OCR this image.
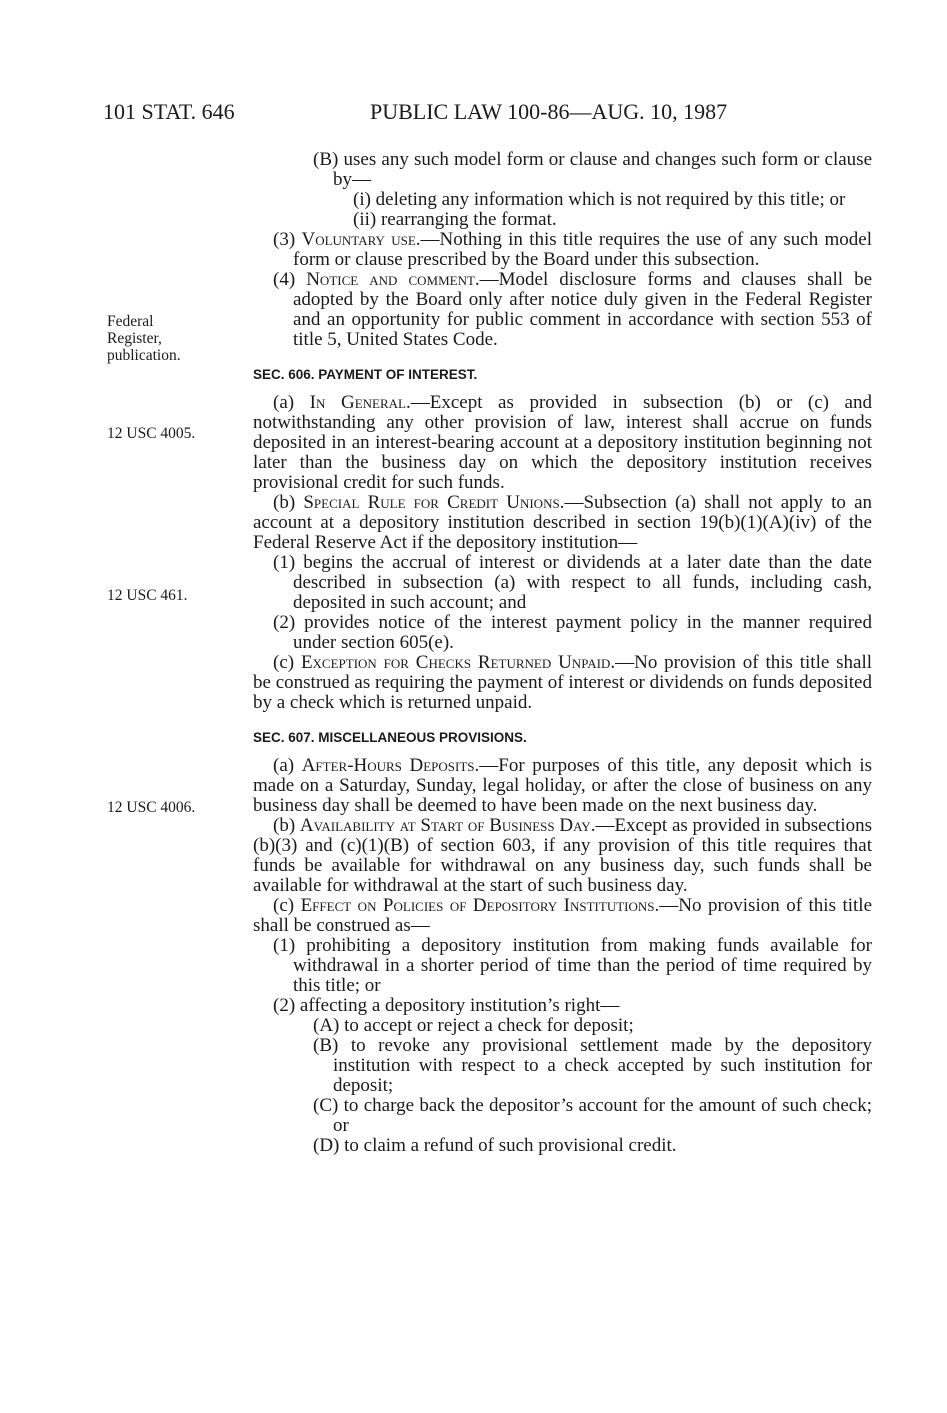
101 STAT. 646	PUBLIC LAW 100-86—AUG. 10, 1987
Federal
Register,
publication.
12 USC 4005.
12 USC 461.
12 USC 4006.

(B) uses any such model form or clause and changes such form or clause by—

(i) deleting any information which is not required by this title; or

(ii) rearranging the format.

(3) Voluntary use.—Nothing in this title requires the use of any such model form or clause prescribed by the Board under this subsection.

(4) Notice and comment.—Model disclosure forms and clauses shall be adopted by the Board only after notice duly given in the Federal Register and an opportunity for public comment in accordance with section 553 of title 5, United States Code.

SEC. 606. PAYMENT OF INTEREST.

(a) In General.—Except as provided in subsection (b) or (c) and notwithstanding any other provision of law, interest shall accrue on funds deposited in an interest-bearing account at a depository institution beginning not later than the business day on which the depository institution receives provisional credit for such funds.

(b) Special Rule for Credit Unions.—Subsection (a) shall not apply to an account at a depository institution described in section 19(b)(1)(A)(iv) of the Federal Reserve Act if the depository institution—

(1) begins the accrual of interest or dividends at a later date than the date described in subsection (a) with respect to all funds, including cash, deposited in such account; and

(2) provides notice of the interest payment policy in the manner required under section 605(e).

(c) Exception for Checks Returned Unpaid.—No provision of this title shall be construed as requiring the payment of interest or dividends on funds deposited by a check which is returned unpaid.

SEC. 607. MISCELLANEOUS PROVISIONS.

(a) After-Hours Deposits.—For purposes of this title, any deposit which is made on a Saturday, Sunday, legal holiday, or after the close of business on any business day shall be deemed to have been made on the next business day.

(b) Availability at Start of Business Day.—Except as provided in subsections (b)(3) and (c)(1)(B) of section 603, if any provision of this title requires that funds be available for withdrawal on any business day, such funds shall be available for withdrawal at the start of such business day.

(c) Effect on Policies of Depository Institutions.—No provision of this title shall be construed as—

(1) prohibiting a depository institution from making funds available for withdrawal in a shorter period of time than the period of time required by this title; or

(2) affecting a depository institution’s right—

(A) to accept or reject a check for deposit;

(B) to revoke any provisional settlement made by the depository institution with respect to a check accepted by such institution for deposit;

(C) to charge back the depositor’s account for the amount of such check; or

(D) to claim a refund of such provisional credit.
